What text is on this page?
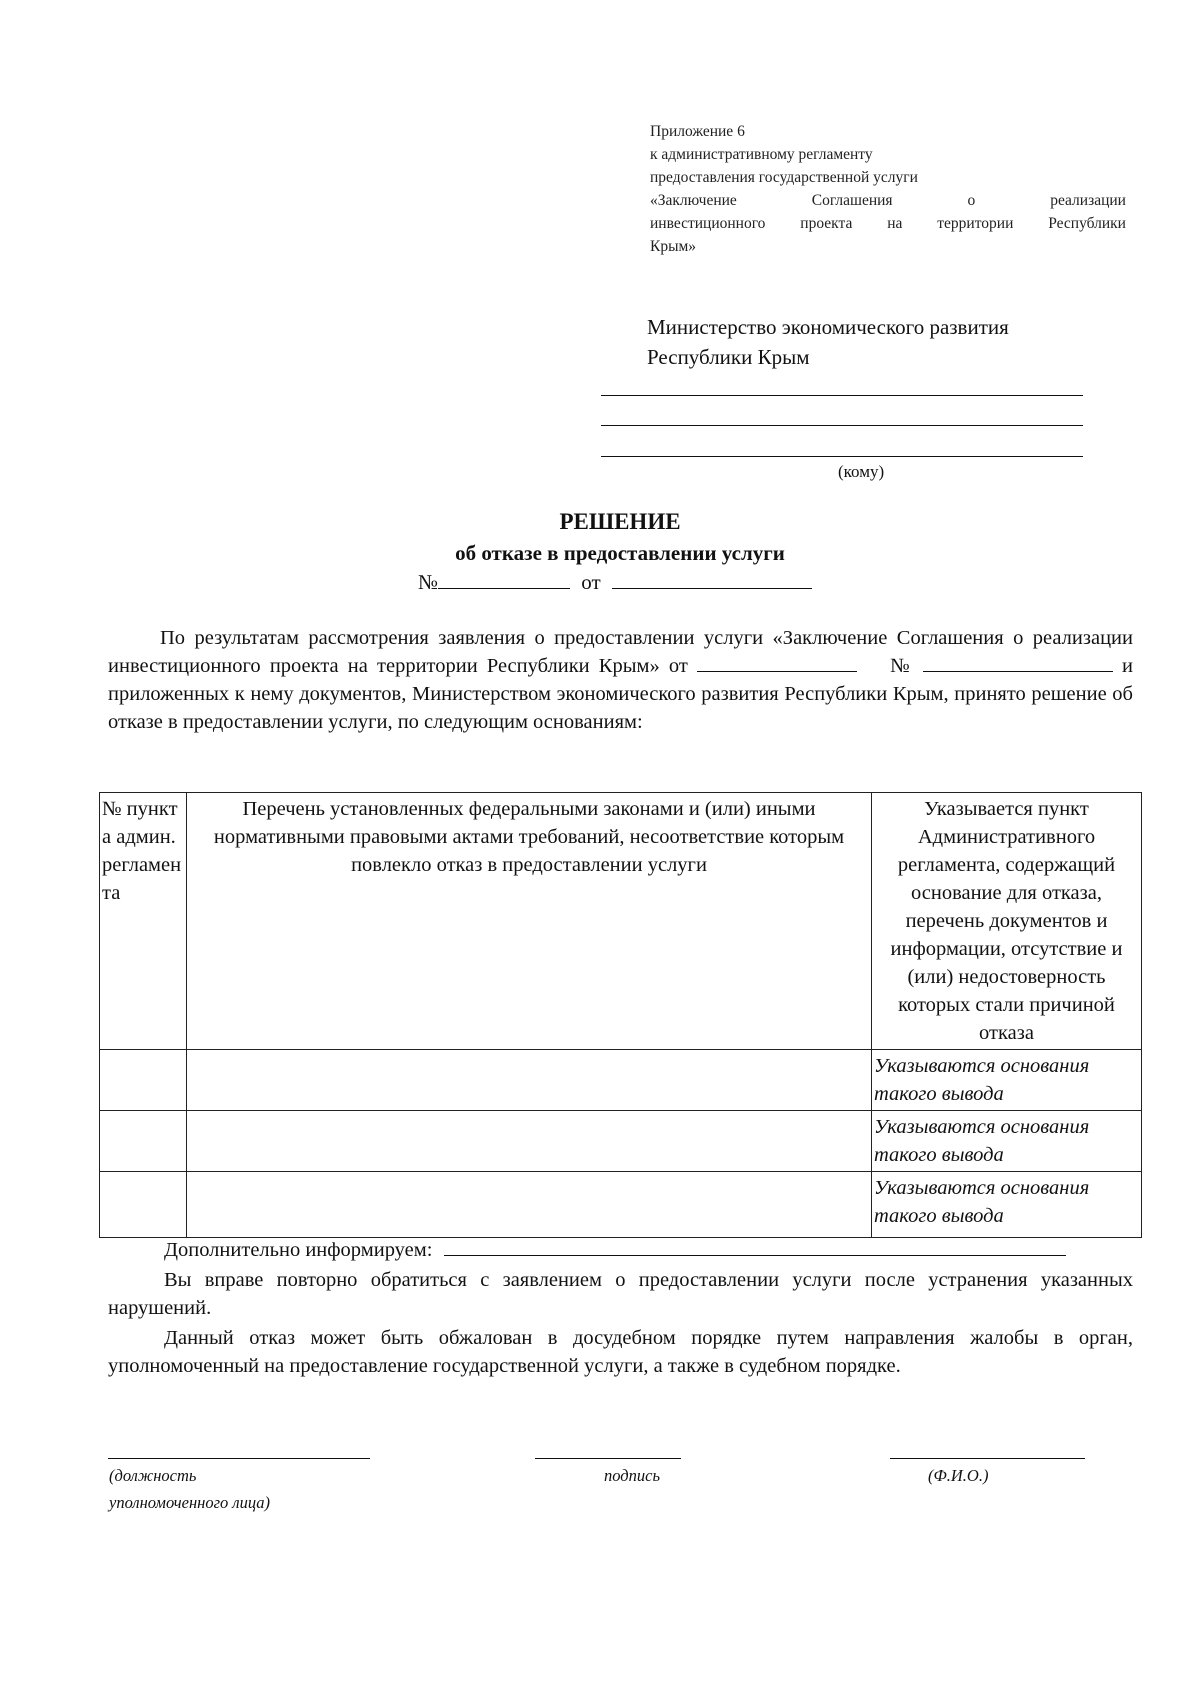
Приложение 6
к административному регламенту
предоставления государственной услуги
«Заключение	Соглашения	о	реализации
инвестиционного проекта на территории Республики
Крым»
Министерство экономического развития
Республики Крым
(кому)
РЕШЕНИЕ
об отказе в предоставлении услуги
№	от
По результатам рассмотрения заявления о предоставлении услуги «Заключение Соглашения о реализации инвестиционного проекта на территории Республики Крым» от	№	и приложенных к нему документов, Министерством экономического развития Республики Крым, принято решение об отказе в предоставлении услуги, по следующим основаниям:
№ пункта админ. регламента	Перечень установленных федеральными законами и (или) иными нормативными правовыми актами требований, несоответствие которым повлекло отказ в предоставлении услуги	Указывается пункт Административного регламента, содержащий основание для отказа, перечень документов и информации, отсутствие и (или) недостоверность которых стали причиной отказа
		Указываются основания такого вывода
		Указываются основания такого вывода
		Указываются основания такого вывода
Дополнительно информируем:
Вы вправе повторно обратиться с заявлением о предоставлении услуги после устранения указанных нарушений.
Данный отказ может быть обжалован в досудебном порядке путем направления жалобы в орган, уполномоченный на предоставление государственной услуги, а также в судебном порядке.
(должность
уполномоченного лица)
подпись	(Ф.И.О.)
